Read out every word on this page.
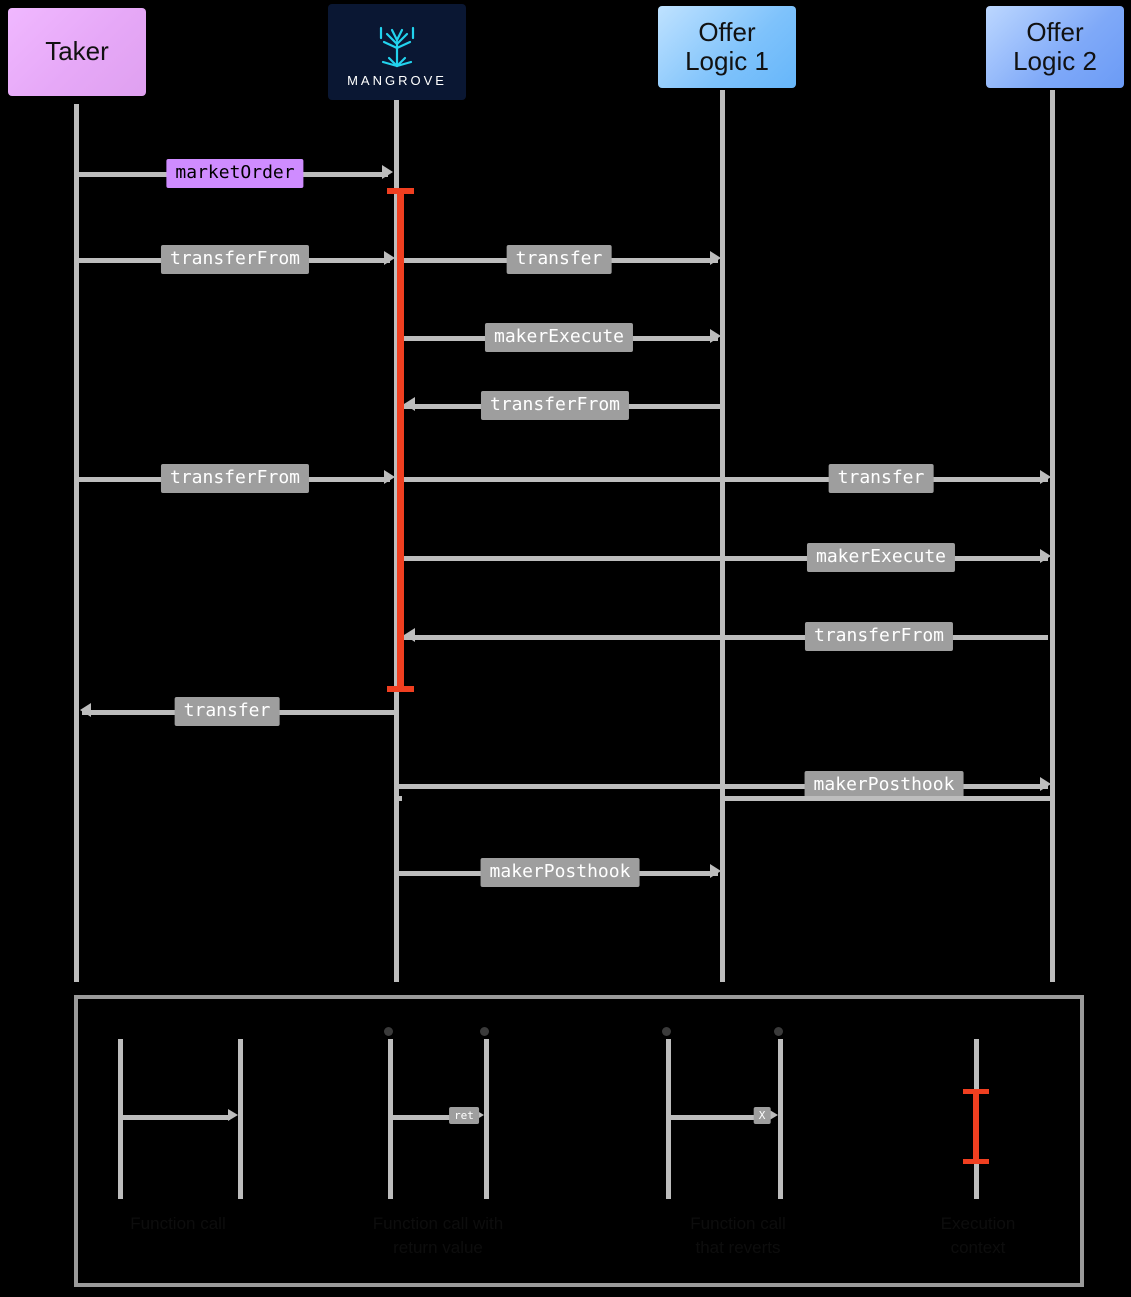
Taker
MANGROVE
Offer
Logic 1
Offer
Logic 2
marketOrder
transferFrom	transfer
makerExecute
transferFrom
transferFrom	transfer
makerExecute
transferFrom
transfer
makerPosthook
makerPosthook
Function call
ret
Function call with
return value
X
Function call
that reverts
Execution
context
